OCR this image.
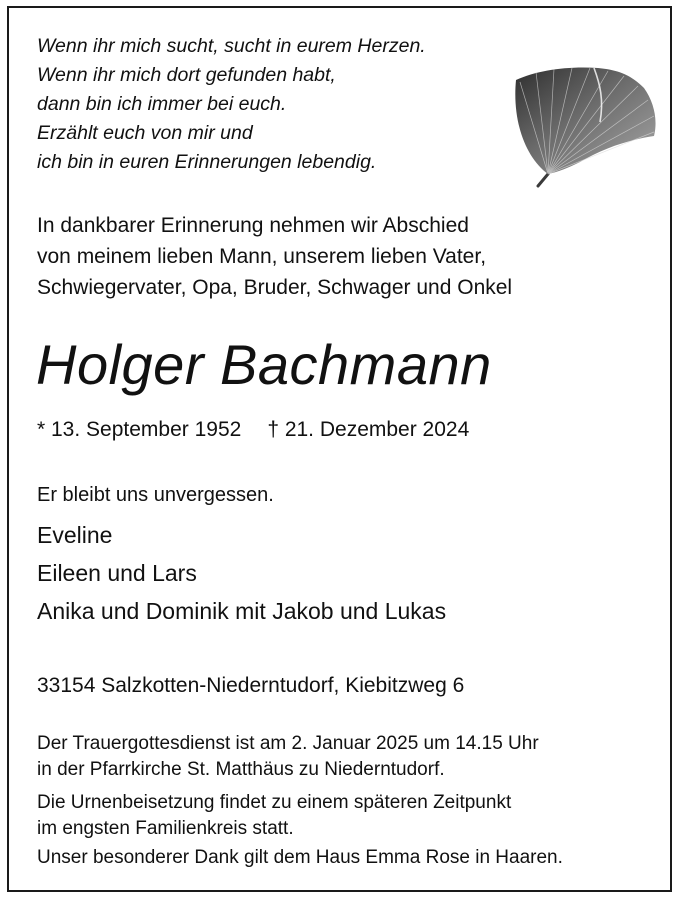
Wenn ihr mich sucht, sucht in eurem Herzen.
Wenn ihr mich dort gefunden habt,
dann bin ich immer bei euch.
Erzählt euch von mir und
ich bin in euren Erinnerungen lebendig.
In dankbarer Erinnerung nehmen wir Abschied
von meinem lieben Mann, unserem lieben Vater,
Schwiegervater, Opa, Bruder, Schwager und Onkel
Holger Bachmann
* 13. September 1952 † 21. Dezember 2024
Er bleibt uns unvergessen.
Eveline
Eileen und Lars
Anika und Dominik mit Jakob und Lukas
33154 Salzkotten-Niederntudorf, Kiebitzweg 6
Der Trauergottesdienst ist am 2. Januar 2025 um 14.15 Uhr
in der Pfarrkirche St. Matthäus zu Niederntudorf.
Die Urnenbeisetzung findet zu einem späteren Zeitpunkt
im engsten Familienkreis statt.
Unser besonderer Dank gilt dem Haus Emma Rose in Haaren.
